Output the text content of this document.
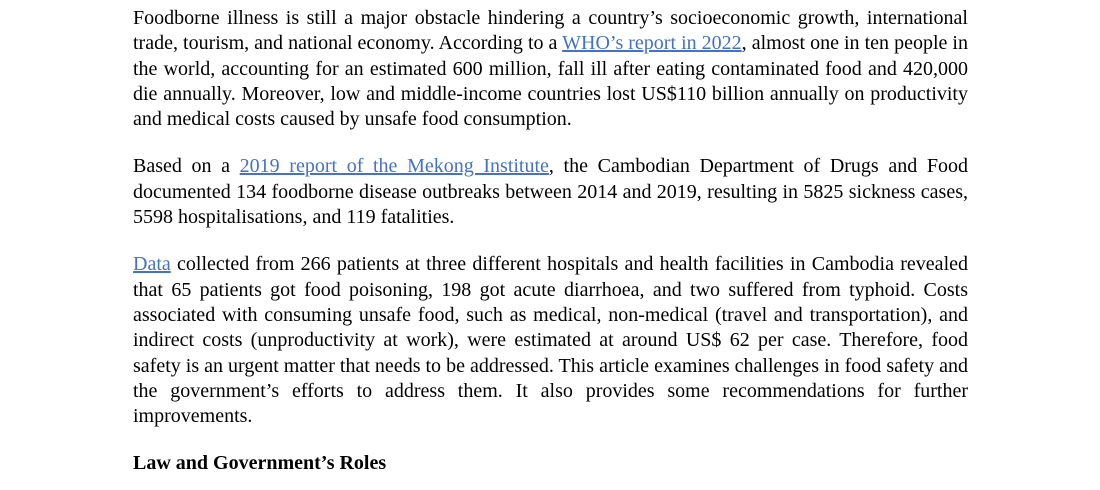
Foodborne illness is still a major obstacle hindering a country’s socioeconomic growth, international trade, tourism, and national economy. According to a WHO’s report in 2022, almost one in ten people in the world, accounting for an estimated 600 million, fall ill after eating contaminated food and 420,000 die annually. Moreover, low and middle-income countries lost US$110 billion annually on productivity and medical costs caused by unsafe food consumption.

Based on a 2019 report of the Mekong Institute, the Cambodian Department of Drugs and Food documented 134 foodborne disease outbreaks between 2014 and 2019, resulting in 5825 sickness cases, 5598 hospitalisations, and 119 fatalities.

Data collected from 266 patients at three different hospitals and health facilities in Cambodia revealed that 65 patients got food poisoning, 198 got acute diarrhoea, and two suffered from typhoid. Costs associated with consuming unsafe food, such as medical, non-medical (travel and transportation), and indirect costs (unproductivity at work), were estimated at around US$ 62 per case. Therefore, food safety is an urgent matter that needs to be addressed. This article examines challenges in food safety and the government’s efforts to address them. It also provides some recommendations for further improvements.

Law and Government’s Roles
